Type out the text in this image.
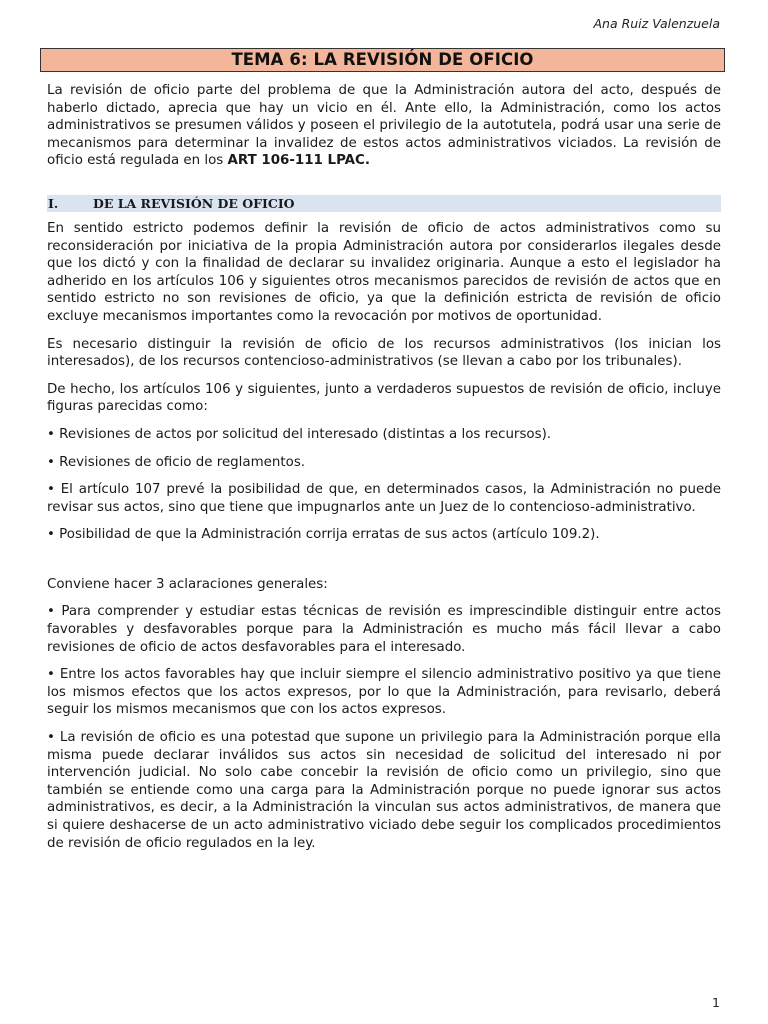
Ana Ruiz Valenzuela
TEMA 6: LA REVISIÓN DE OFICIO

La revisión de oficio parte del problema de que la Administración autora del acto, después de haberlo dictado, aprecia que hay un vicio en él. Ante ello, la Administración, como los actos administrativos se presumen válidos y poseen el privilegio de la autotutela, podrá usar una serie de mecanismos para determinar la invalidez de estos actos administrativos viciados. La revisión de oficio está regulada en los ART 106-111 LPAC.

I.	DE LA REVISIÓN DE OFICIO

En sentido estricto podemos definir la revisión de oficio de actos administrativos como su reconsideración por iniciativa de la propia Administración autora por considerarlos ilegales desde que los dictó y con la finalidad de declarar su invalidez originaria. Aunque a esto el legislador ha adherido en los artículos 106 y siguientes otros mecanismos parecidos de revisión de actos que en sentido estricto no son revisiones de oficio, ya que la definición estricta de revisión de oficio excluye mecanismos importantes como la revocación por motivos de oportunidad.

Es necesario distinguir la revisión de oficio de los recursos administrativos (los inician los interesados), de los recursos contencioso-administrativos (se llevan a cabo por los tribunales).

De hecho, los artículos 106 y siguientes, junto a verdaderos supuestos de revisión de oficio, incluye figuras parecidas como:

• Revisiones de actos por solicitud del interesado (distintas a los recursos).

• Revisiones de oficio de reglamentos.

• El artículo 107 prevé la posibilidad de que, en determinados casos, la Administración no puede revisar sus actos, sino que tiene que impugnarlos ante un Juez de lo contencioso-administrativo.

• Posibilidad de que la Administración corrija erratas de sus actos (artículo 109.2).

Conviene hacer 3 aclaraciones generales:

• Para comprender y estudiar estas técnicas de revisión es imprescindible distinguir entre actos favorables y desfavorables porque para la Administración es mucho más fácil llevar a cabo revisiones de oficio de actos desfavorables para el interesado.

• Entre los actos favorables hay que incluir siempre el silencio administrativo positivo ya que tiene los mismos efectos que los actos expresos, por lo que la Administración, para revisarlo, deberá seguir los mismos mecanismos que con los actos expresos.

• La revisión de oficio es una potestad que supone un privilegio para la Administración porque ella misma puede declarar inválidos sus actos sin necesidad de solicitud del interesado ni por intervención judicial. No solo cabe concebir la revisión de oficio como un privilegio, sino que también se entiende como una carga para la Administración porque no puede ignorar sus actos administrativos, es decir, a la Administración la vinculan sus actos administrativos, de manera que si quiere deshacerse de un acto administrativo viciado debe seguir los complicados procedimientos de revisión de oficio regulados en la ley.

1
